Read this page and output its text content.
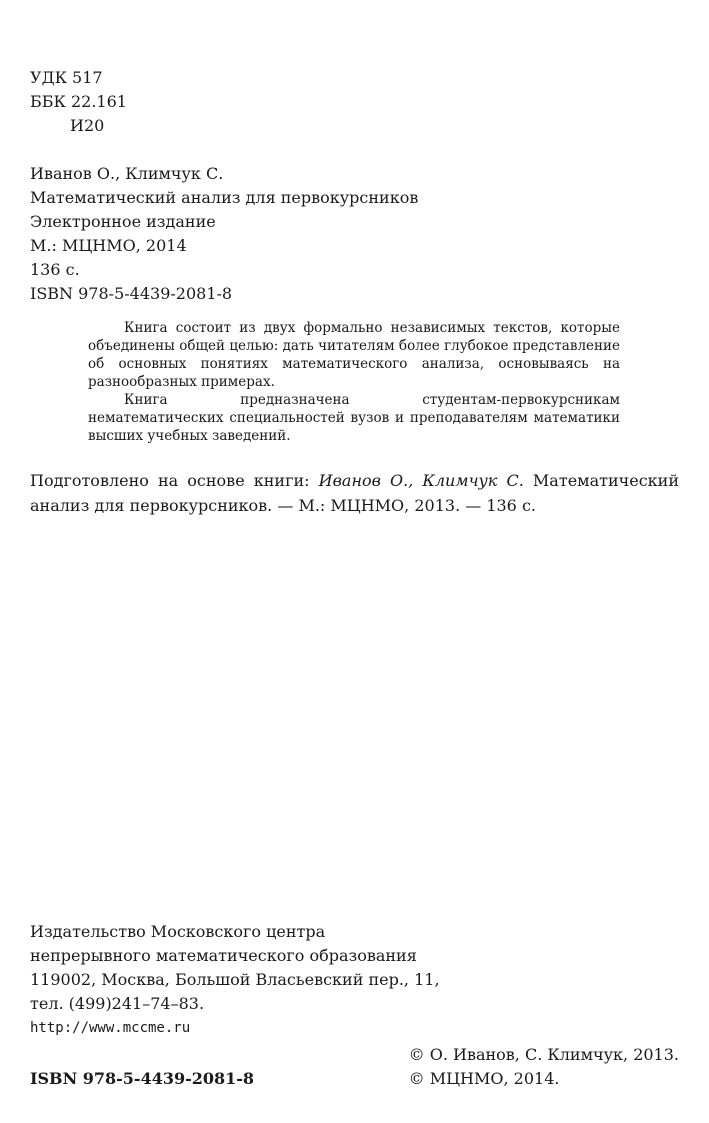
УДК 517
ББК 22.161
И20
Иванов О., Климчук С.
Математический анализ для первокурсников
Электронное издание
М.: МЦНМО, 2014
136 с.
ISBN 978-5-4439-2081-8

Книга состоит из двух формально независимых текстов, которые объединены общей целью: дать читателям более глубокое представление об основных понятиях математического анализа, основываясь на разнообразных примерах.

Книга предназначена студентам-первокурсникам нематематических специальностей вузов и преподавателям математики высших учебных заведений.

Подготовлено на основе книги: Иванов О., Климчук С. Математический анализ для первокурсников. — М.: МЦНМО, 2013. — 136 с.
Издательство Московского центра
непрерывного математического образования
119002, Москва, Большой Власьевский пер., 11,
тел. (499)241–74–83.
http://www.mccme.ru
© О. Иванов, С. Климчук, 2013.
© МЦНМО, 2014.
ISBN 978-5-4439-2081-8
